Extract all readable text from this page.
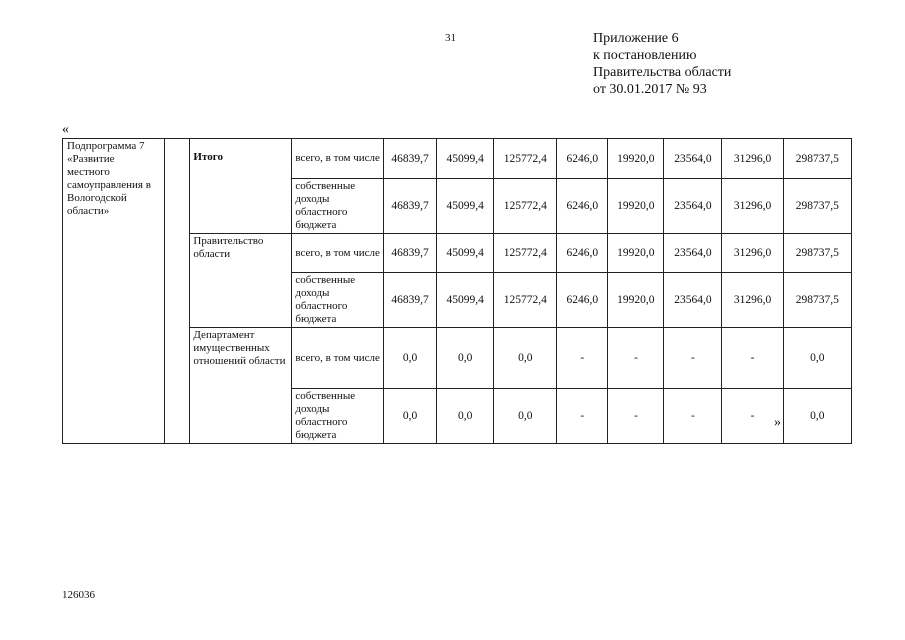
31	Приложение 6
к постановлению
Правительства области
от 30.01.2017 № 93
«
Подпрограмма 7 «Развитие местного самоуправления в Вологодской области»		Итого	всего, в том числе	46839,7	45099,4	125772,4	6246,0	19920,0	23564,0	31296,0	298737,5
			собственные доходы областного бюджета	46839,7	45099,4	125772,4	6246,0	19920,0	23564,0	31296,0	298737,5
		Правительство области	всего, в том числе	46839,7	45099,4	125772,4	6246,0	19920,0	23564,0	31296,0	298737,5
			собственные доходы областного бюджета	46839,7	45099,4	125772,4	6246,0	19920,0	23564,0	31296,0	298737,5
		Департамент имущественных отношений области	всего, в том числе	0,0	0,0	0,0	-	-	-	-	0,0
			собственные доходы областного бюджета	0,0	0,0	0,0	-	-	-	-	0,0
»
126036
